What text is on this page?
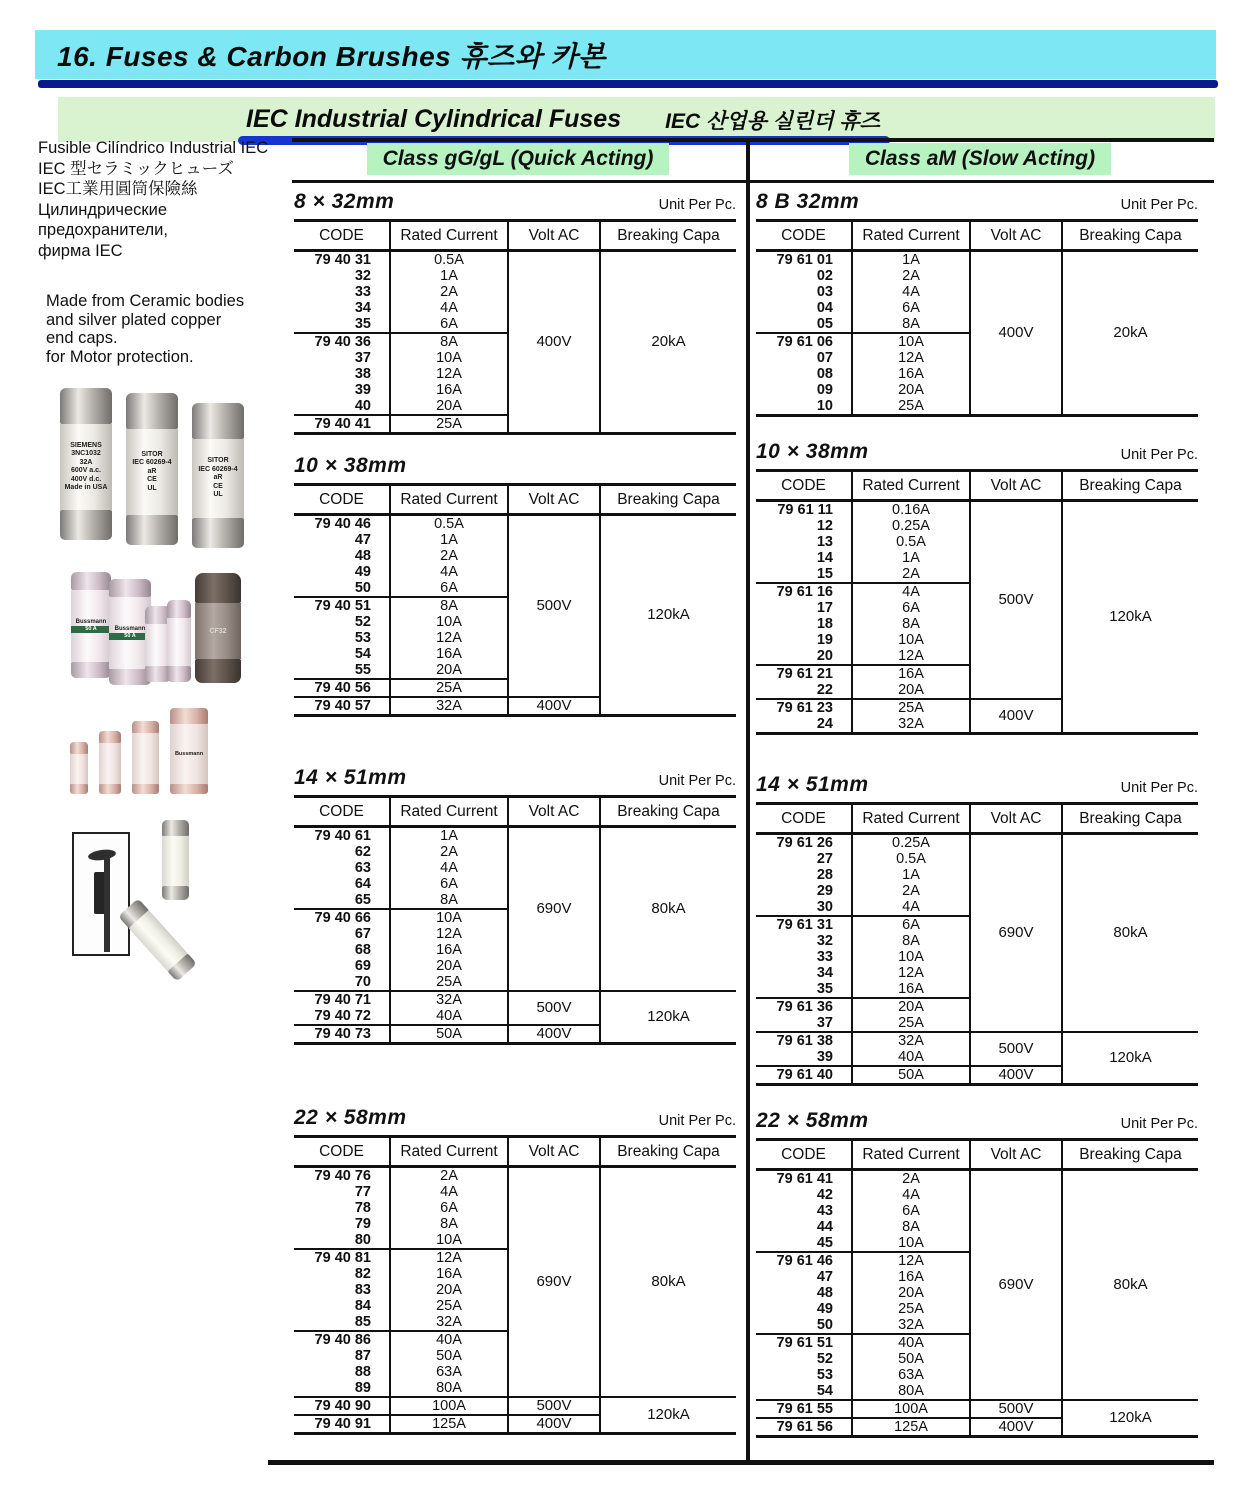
16. Fuses & Carbon Brushes 휴즈와 카본
IEC Industrial Cylindrical Fuses IEC 산업용 실린더 휴즈
Fusible Cilíndrico Industrial IEC
IEC 型セラミックヒューズ
IEC工業用圓筒保險絲
Цилиндрические
предохранители,
фирма IEC
Made from Ceramic bodies
and silver plated copper
end caps.
for Motor protection.
SIEMENS
3NC1032
32A
600V a.c.
400V d.c.
Made in USA
SITOR
IEC 60269-4
aR
CE
UL
SITOR
IEC 60269-4
aR
CE
UL
Bussmann
50 A	Bussmann
50 A
CF32
Bussmann
Class gG/gL (Quick Acting)
8 × 32mm	Unit Per Pc.
CODE	Rated Current	Volt AC	Breaking Capa
79 40 31	0.5A	400V	20kA
32	1A		
33	2A		
34	4A		
35	6A		
79 40 36	8A		
37	10A		
38	12A		
39	16A		
40	20A		
79 40 41	25A		
10 × 38mm
CODE	Rated Current	Volt AC	Breaking Capa
79 40 46	0.5A	500V	120kA
47	1A		
48	2A		
49	4A		
50	6A		
79 40 51	8A		
52	10A		
53	12A		
54	16A		
55	20A		
79 40 56	25A		
79 40 57	32A	400V	
14 × 51mm	Unit Per Pc.
CODE	Rated Current	Volt AC	Breaking Capa
79 40 61	1A	690V	80kA
62	2A		
63	4A		
64	6A		
65	8A		
79 40 66	10A		
67	12A		
68	16A		
69	20A		
70	25A		
79 40 71	32A	500V	120kA
79 40 72	40A		
79 40 73	50A	400V	
22 × 58mm	Unit Per Pc.
CODE	Rated Current	Volt AC	Breaking Capa
79 40 76	2A	690V	80kA
77	4A		
78	6A		
79	8A		
80	10A		
79 40 81	12A		
82	16A		
83	20A		
84	25A		
85	32A		
79 40 86	40A		
87	50A		
88	63A		
89	80A		
79 40 90	100A	500V	120kA
79 40 91	125A	400V	
Class aM (Slow Acting)
8 B 32mm	Unit Per Pc.
CODE	Rated Current	Volt AC	Breaking Capa
79 61 01	1A	400V	20kA
02	2A		
03	4A		
04	6A		
05	8A		
79 61 06	10A		
07	12A		
08	16A		
09	20A		
10	25A		
10 × 38mm	Unit Per Pc.
CODE	Rated Current	Volt AC	Breaking Capa
79 61 11	0.16A	500V	120kA
12	0.25A		
13	0.5A		
14	1A		
15	2A		
79 61 16	4A		
17	6A		
18	8A		
19	10A		
20	12A		
79 61 21	16A		
22	20A		
79 61 23	25A	400V	
24	32A		
14 × 51mm	Unit Per Pc.
CODE	Rated Current	Volt AC	Breaking Capa
79 61 26	0.25A	690V	80kA
27	0.5A		
28	1A		
29	2A		
30	4A		
79 61 31	6A		
32	8A		
33	10A		
34	12A		
35	16A		
79 61 36	20A		
37	25A		
79 61 38	32A	500V	120kA
39	40A		
79 61 40	50A	400V	
22 × 58mm	Unit Per Pc.
CODE	Rated Current	Volt AC	Breaking Capa
79 61 41	2A	690V	80kA
42	4A		
43	6A		
44	8A		
45	10A		
79 61 46	12A		
47	16A		
48	20A		
49	25A		
50	32A		
79 61 51	40A		
52	50A		
53	63A		
54	80A		
79 61 55	100A	500V	120kA
79 61 56	125A	400V	
